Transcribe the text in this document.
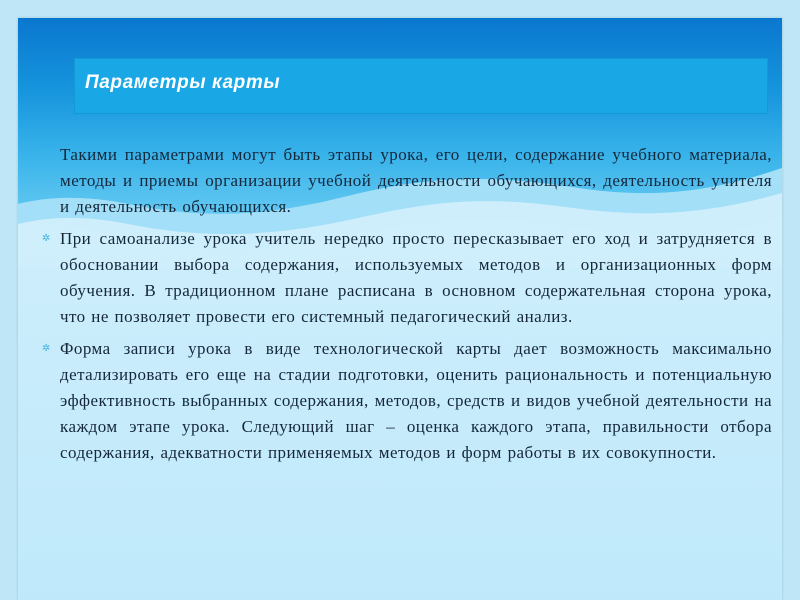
Параметры карты
✲ Такими параметрами могут быть этапы урока, его цели, содержание учебного материала, методы и приемы организации учебной деятельности обучающихся, деятельность учителя и деятельность обучающихся.
✲ При самоанализе урока учитель нередко просто пересказывает его ход и затрудняется в обосновании выбора содержания, используемых методов и организационных форм обучения. В традиционном плане расписана в основном содержательная сторона урока, что не позволяет провести его системный педагогический анализ.
✲ Форма записи урока в виде технологической карты дает возможность максимально детализировать его еще на стадии подготовки, оценить рациональность и потенциальную эффективность выбранных содержания, методов, средств и видов учебной деятельности на каждом этапе урока. Следующий шаг – оценка каждого этапа, правильности отбора содержания, адекватности применяемых методов и форм работы в их совокупности.
